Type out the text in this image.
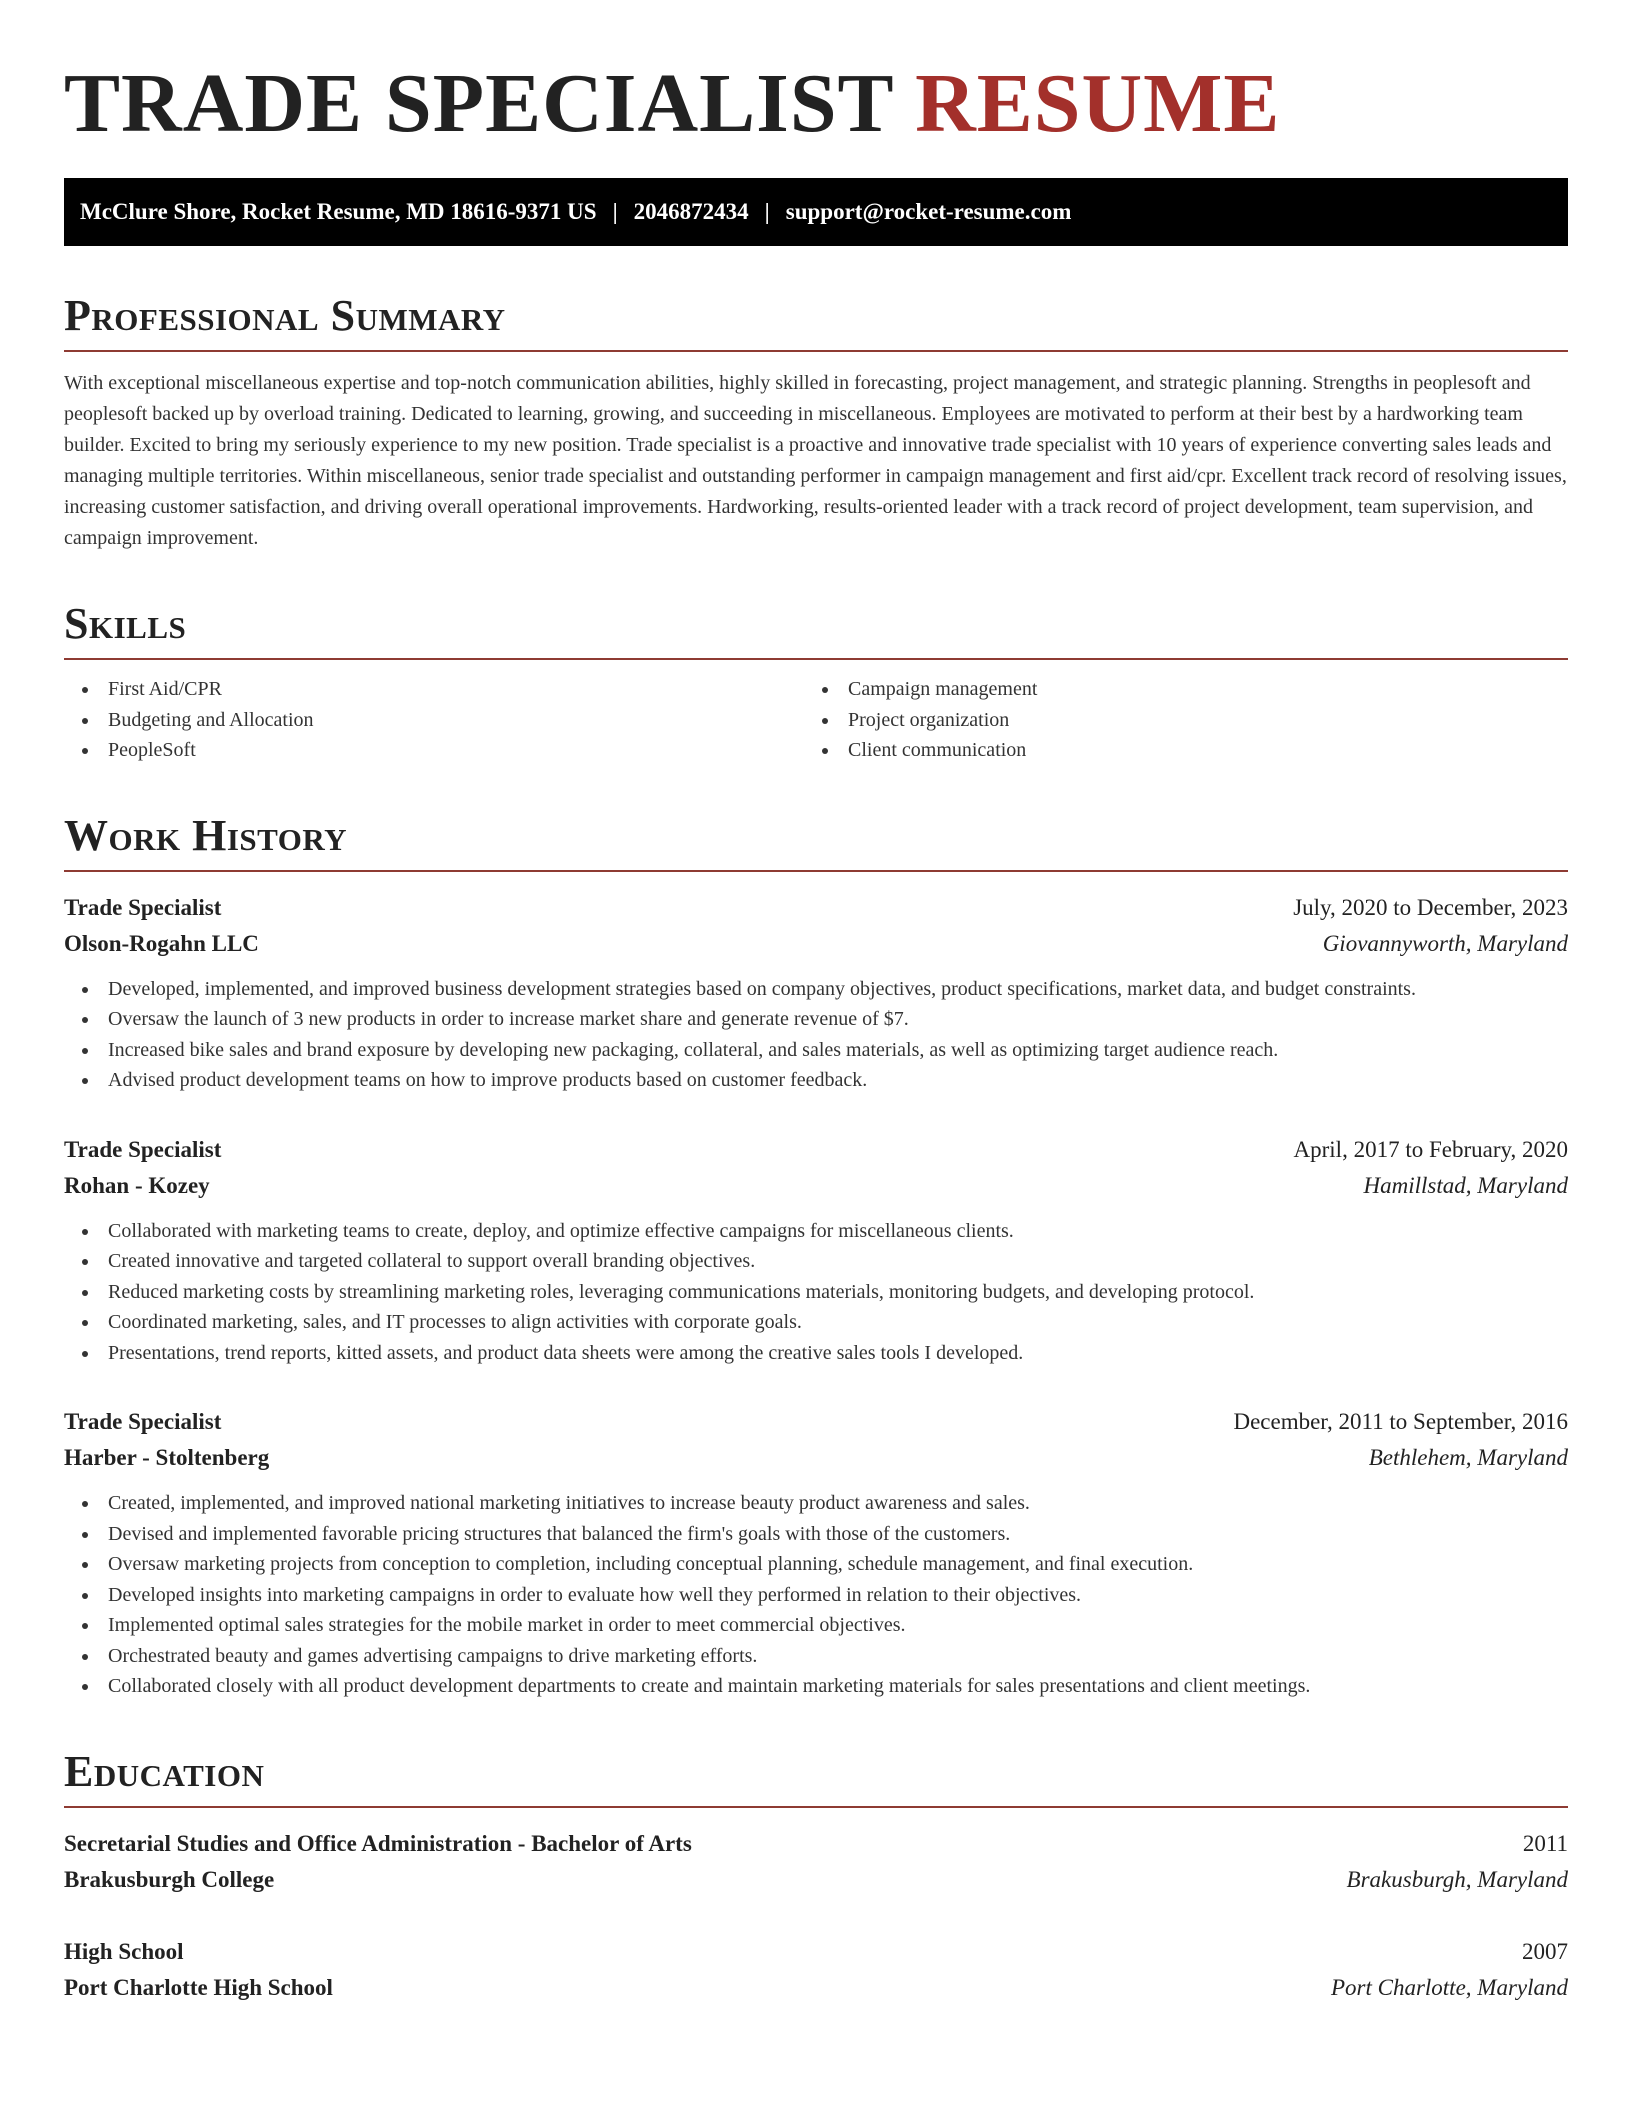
TRADE SPECIALIST RESUME
McClure Shore, Rocket Resume, MD 18616-9371 US | 2046872434 | support@rocket-resume.com
Professional Summary

With exceptional miscellaneous expertise and top-notch communication abilities, highly skilled in forecasting, project management, and strategic planning. Strengths in peoplesoft and peoplesoft backed up by overload training. Dedicated to learning, growing, and succeeding in miscellaneous. Employees are motivated to perform at their best by a hardworking team builder. Excited to bring my seriously experience to my new position. Trade specialist is a proactive and innovative trade specialist with 10 years of experience converting sales leads and managing multiple territories. Within miscellaneous, senior trade specialist and outstanding performer in campaign management and first aid/cpr. Excellent track record of resolving issues, increasing customer satisfaction, and driving overall operational improvements. Hardworking, results-oriented leader with a track record of project development, team supervision, and campaign improvement.

Skills
First Aid/CPR
Budgeting and Allocation
PeopleSoft
Campaign management
Project organization
Client communication
Work History
Trade Specialist	July, 2020 to December, 2023
Olson-Rogahn LLC	Giovannyworth, Maryland
Developed, implemented, and improved business development strategies based on company objectives, product specifications, market data, and budget constraints.
Oversaw the launch of 3 new products in order to increase market share and generate revenue of $7.
Increased bike sales and brand exposure by developing new packaging, collateral, and sales materials, as well as optimizing target audience reach.
Advised product development teams on how to improve products based on customer feedback.
Trade Specialist	April, 2017 to February, 2020
Rohan - Kozey	Hamillstad, Maryland
Collaborated with marketing teams to create, deploy, and optimize effective campaigns for miscellaneous clients.
Created innovative and targeted collateral to support overall branding objectives.
Reduced marketing costs by streamlining marketing roles, leveraging communications materials, monitoring budgets, and developing protocol.
Coordinated marketing, sales, and IT processes to align activities with corporate goals.
Presentations, trend reports, kitted assets, and product data sheets were among the creative sales tools I developed.
Trade Specialist	December, 2011 to September, 2016
Harber - Stoltenberg	Bethlehem, Maryland
Created, implemented, and improved national marketing initiatives to increase beauty product awareness and sales.
Devised and implemented favorable pricing structures that balanced the firm's goals with those of the customers.
Oversaw marketing projects from conception to completion, including conceptual planning, schedule management, and final execution.
Developed insights into marketing campaigns in order to evaluate how well they performed in relation to their objectives.
Implemented optimal sales strategies for the mobile market in order to meet commercial objectives.
Orchestrated beauty and games advertising campaigns to drive marketing efforts.
Collaborated closely with all product development departments to create and maintain marketing materials for sales presentations and client meetings.
Education
Secretarial Studies and Office Administration - Bachelor of Arts	2011
Brakusburgh College	Brakusburgh, Maryland
High School	2007
Port Charlotte High School	Port Charlotte, Maryland
